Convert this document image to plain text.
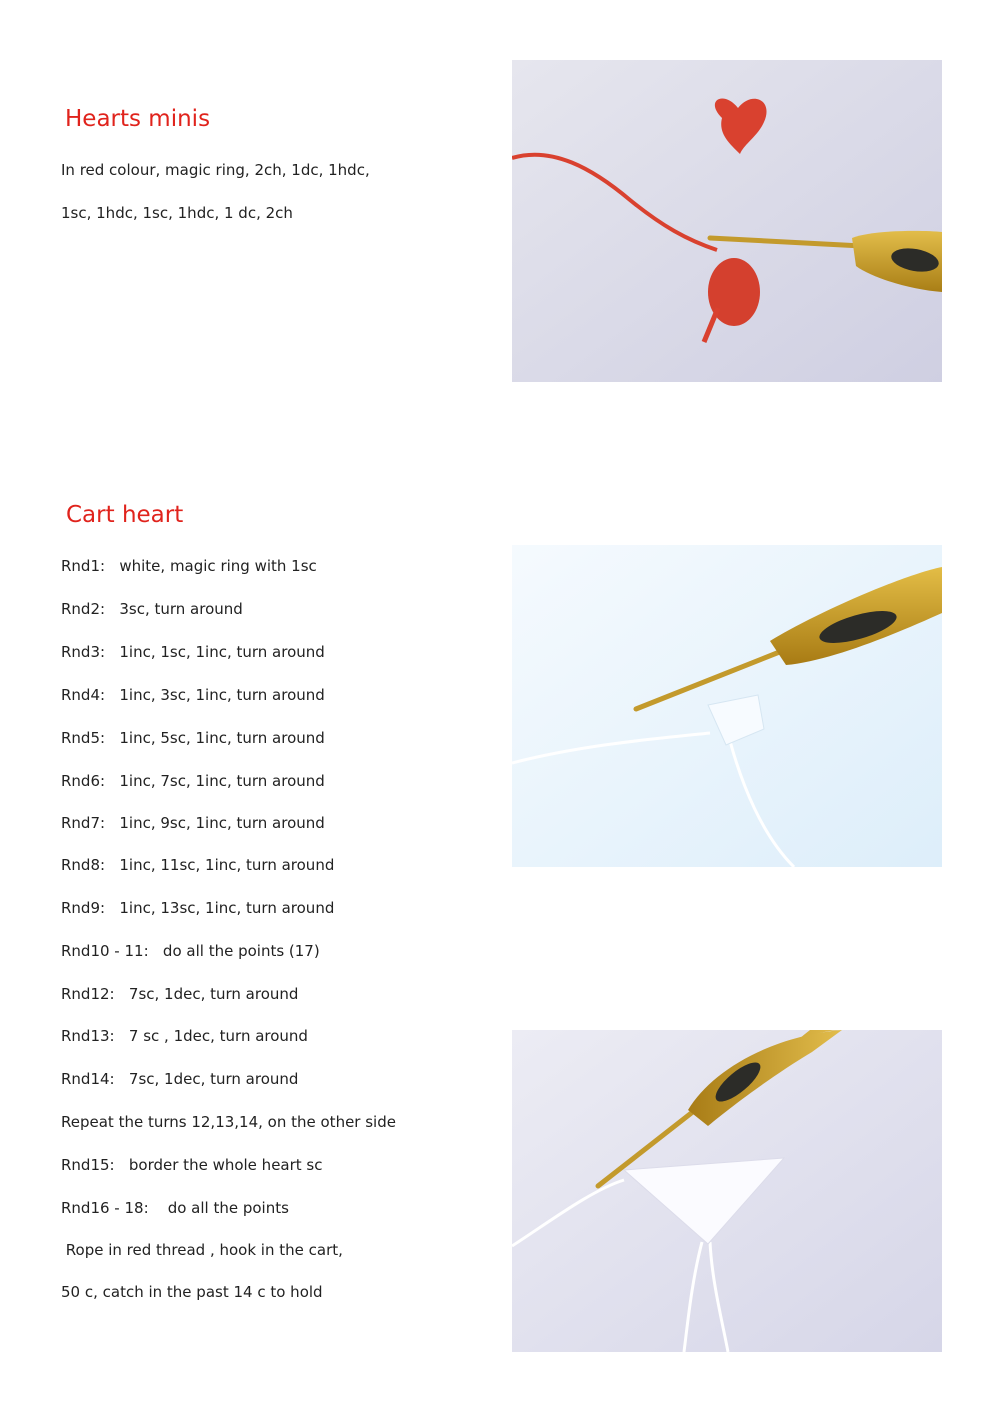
Hearts minis

In red colour, magic ring, 2ch, 1dc, 1hdc,

1sc, 1hdc, 1sc, 1hdc, 1 dc, 2ch

Cart heart

Rnd1:   white, magic ring with 1sc

Rnd2:   3sc, turn around

Rnd3:   1inc, 1sc, 1inc, turn around

Rnd4:   1inc, 3sc, 1inc, turn around

Rnd5:   1inc, 5sc, 1inc, turn around

Rnd6:   1inc, 7sc, 1inc, turn around

Rnd7:   1inc, 9sc, 1inc, turn around

Rnd8:   1inc, 11sc, 1inc, turn around

Rnd9:   1inc, 13sc, 1inc, turn around

Rnd10 - 11:   do all the points (17)

Rnd12:   7sc, 1dec, turn around

Rnd13:   7 sc , 1dec, turn around

Rnd14:   7sc, 1dec, turn around

Repeat the turns 12,13,14, on the other side

Rnd15:   border the whole heart sc

Rnd16 - 18:    do all the points

Rope in red thread , hook in the cart,

50 c, catch in the past 14 c to hold
